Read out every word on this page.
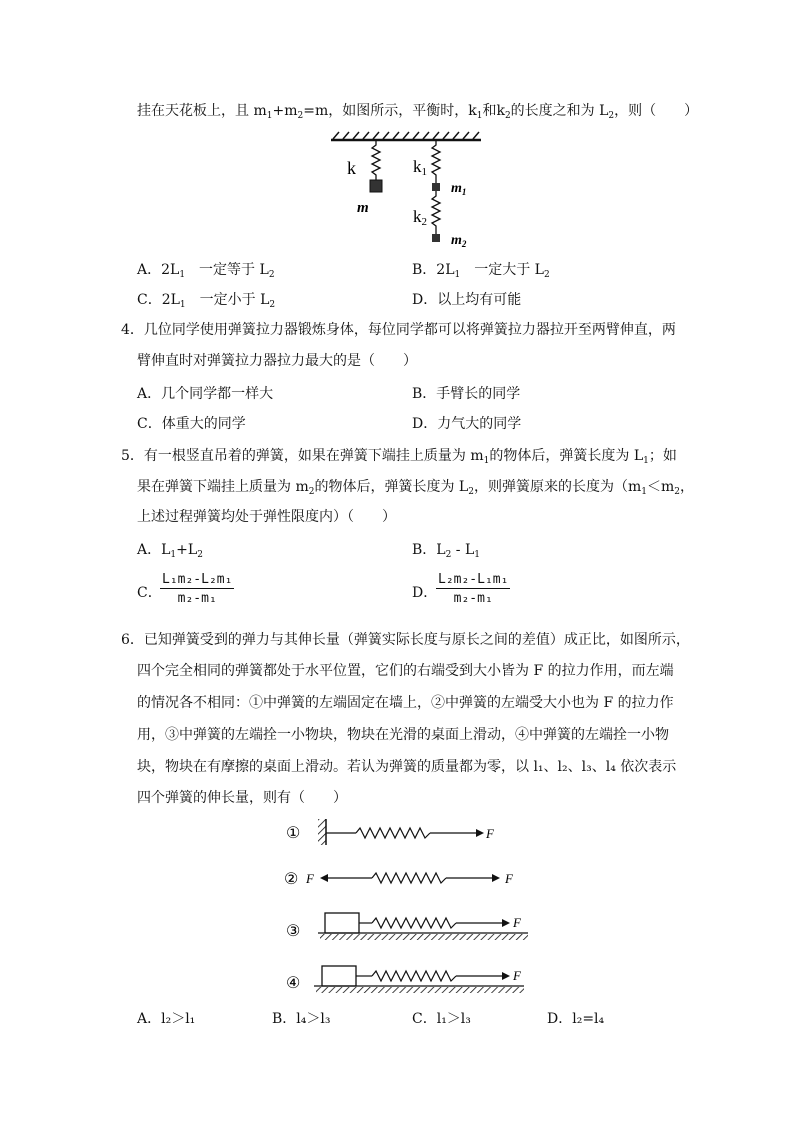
挂在天花板上，且 $m_1+m_2=m$，如图所示，平衡时，$k_1$和$k_2$的长度之和为 $L_2$，则（　　）
k
m
k1
$m_1$
k2
$m_2$
A．$2L_1$　一定等于 $L_2$	B．$2L_1$　一定大于 $L_2$
C．$2L_1$　一定小于 $L_2$	D．以上均有可能
4．几位同学使用弹簧拉力器锻炼身体，每位同学都可以将弹簧拉力器拉开至两臂伸直，两
臂伸直时对弹簧拉力器拉力最大的是（　　）
A．几个同学都一样大	B．手臂长的同学
C．体重大的同学	D．力气大的同学
5．有一根竖直吊着的弹簧，如果在弹簧下端挂上质量为 $m_1$的物体后，弹簧长度为 $L_1$；如
果在弹簧下端挂上质量为 $m_2$的物体后，弹簧长度为 $L_2$，则弹簧原来的长度为（$m_1<m_2$，
上述过程弹簧均处于弹性限度内）（　　）
A．$L_1+L_2$	B．$L_2 - L_1$
C．
$\frac{\text{L₁m₂-L₂m₁}}{\text{m₂-m₁}}$	D．
$\frac{\text{L₂m₂-L₁m₁}}{\text{m₂-m₁}}$
6．已知弹簧受到的弹力与其伸长量（弹簧实际长度与原长之间的差值）成正比，如图所示，
四个完全相同的弹簧都处于水平位置，它们的右端受到大小皆为 F 的拉力作用，而左端
的情况各不相同：①中弹簧的左端固定在墙上，②中弹簧的左端受大小也为 F 的拉力作
用，③中弹簧的左端拴一小物块，物块在光滑的桌面上滑动，④中弹簧的左端拴一小物
块，物块在有摩擦的桌面上滑动。若认为弹簧的质量都为零，以 l₁、l₂、l₃、l₄ 依次表示
四个弹簧的伸长量，则有（　　）
①	F
② F	F
③
F
④	F
A．l₂＞l₁	B．l₄＞l₃	C．l₁＞l₃	D．l₂=l₄
